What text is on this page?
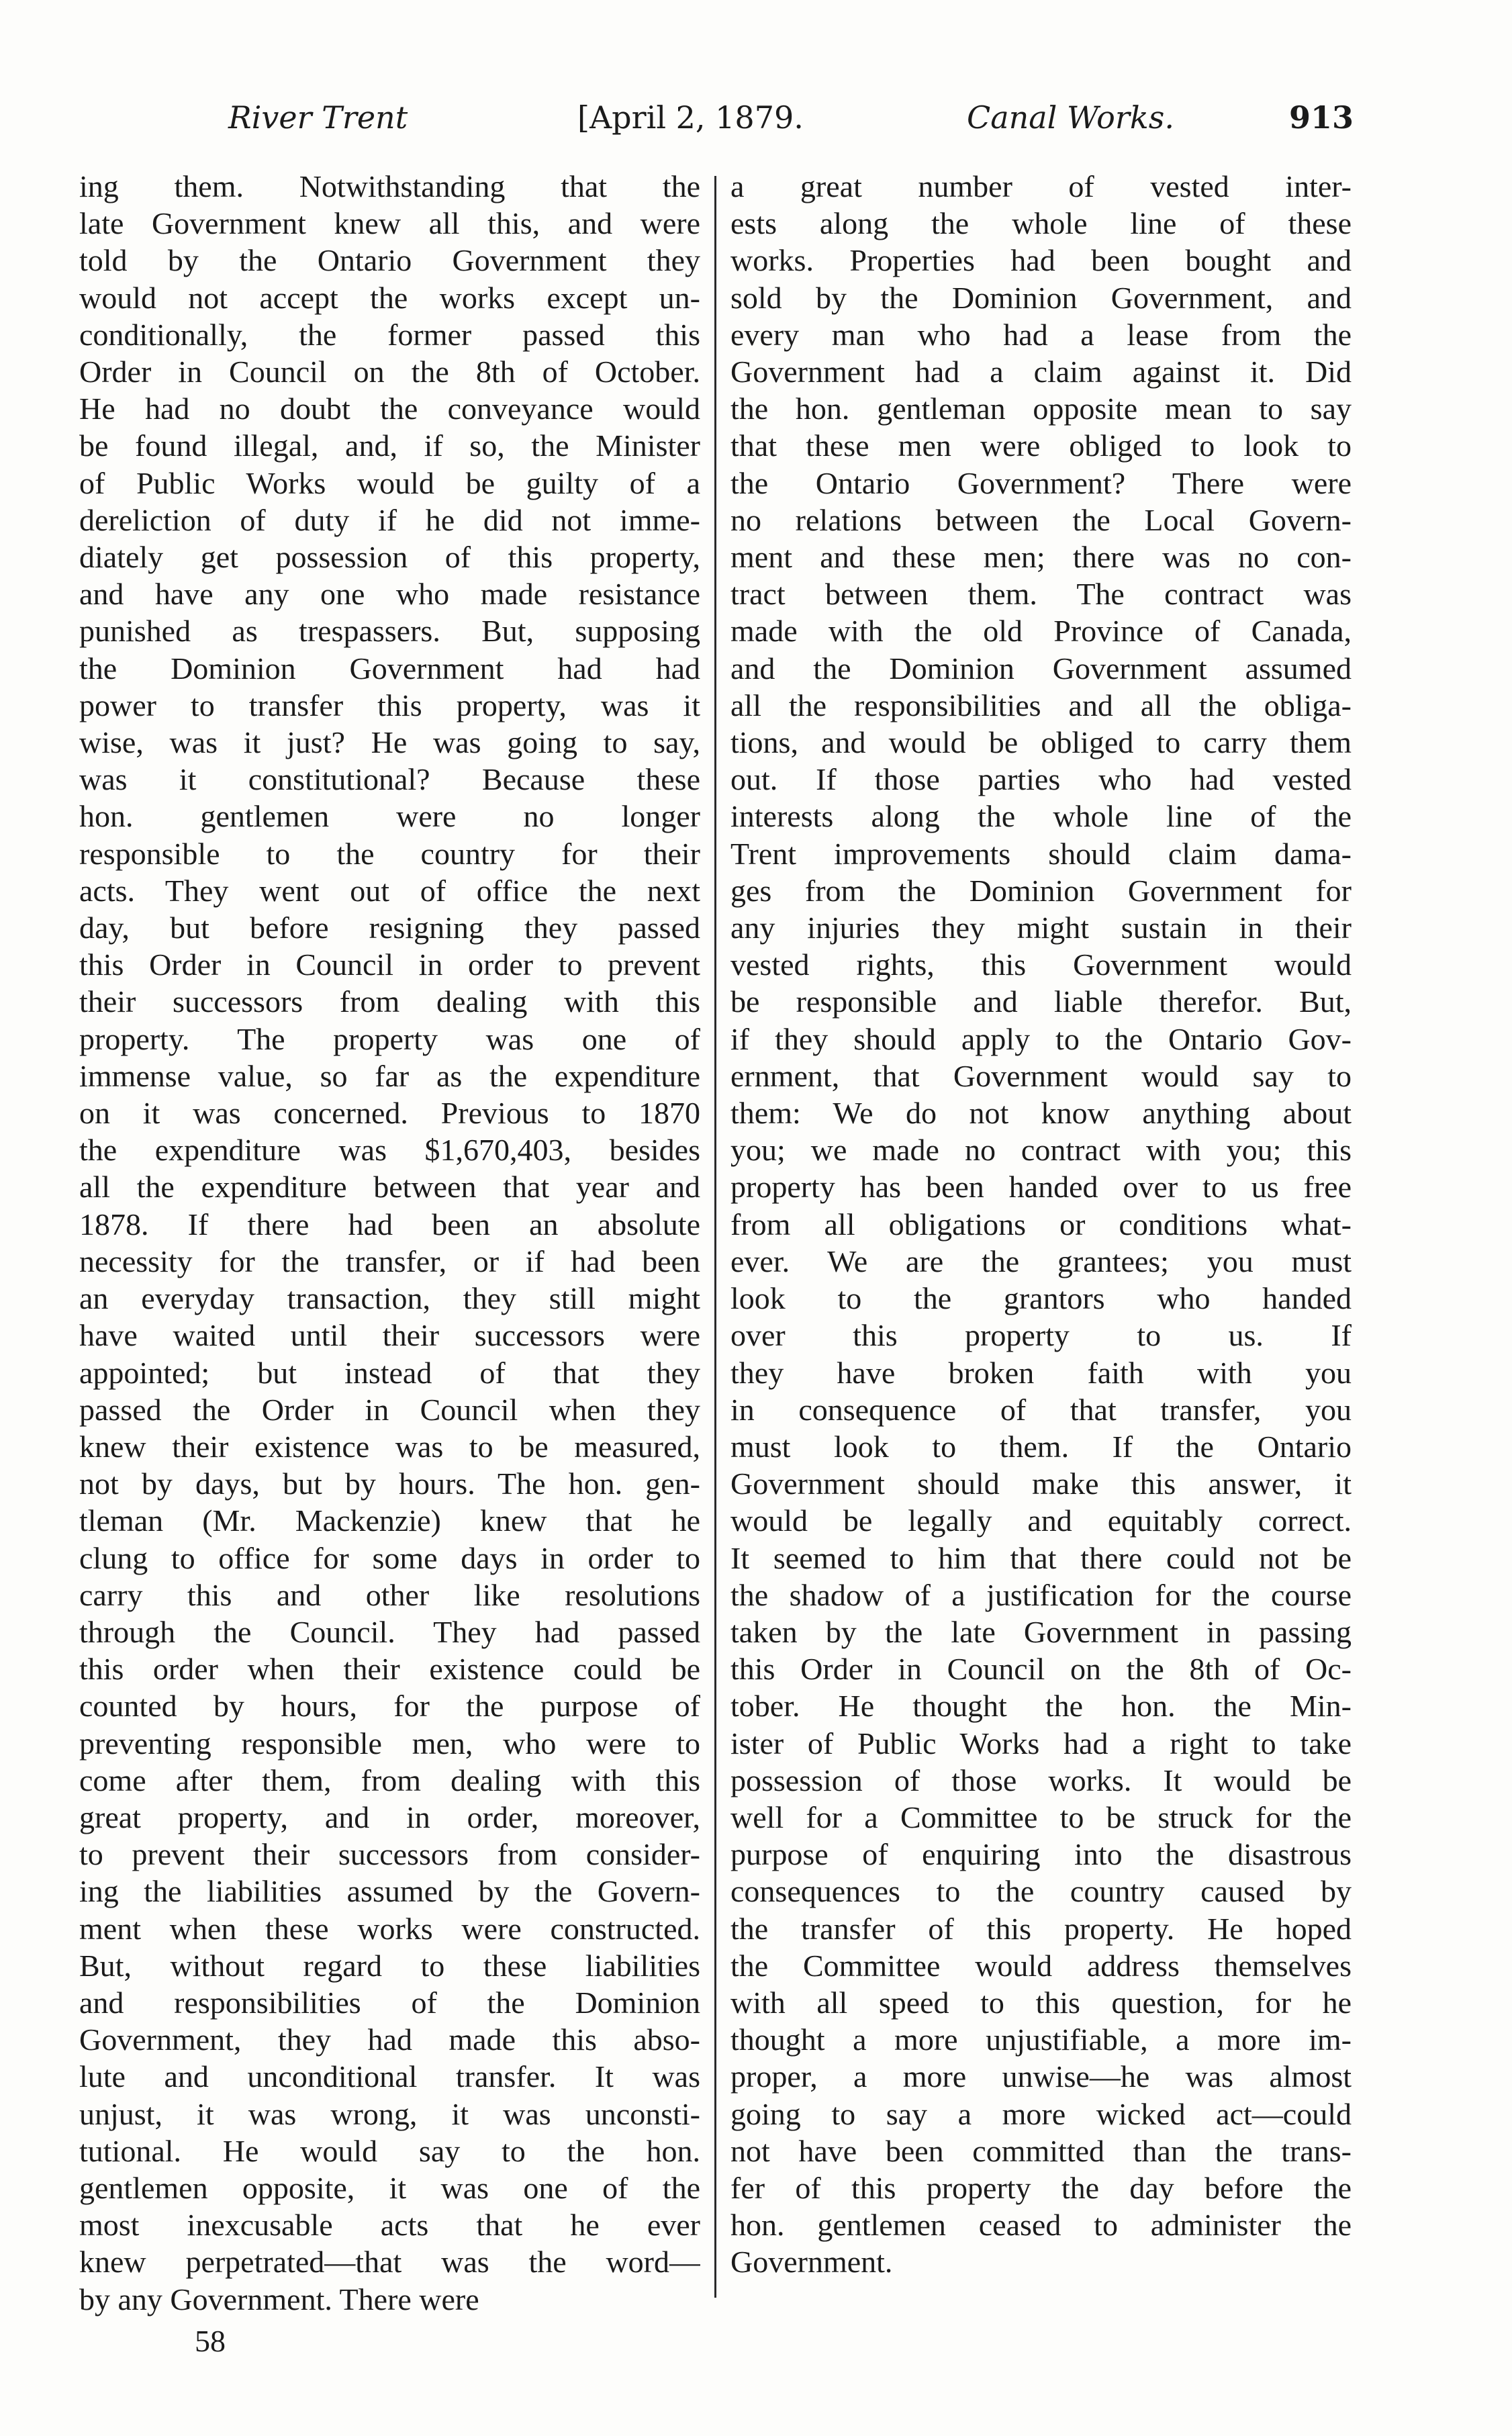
River Trent	[April 2, 1879.	Canal Works.	913
ing them. Notwithstanding that the
late Government knew all this, and were
told by the Ontario Government they
would not accept the works except un-
conditionally, the former passed this
Order in Council on the 8th of October.
He had no doubt the conveyance would
be found illegal, and, if so, the Minister
of Public Works would be guilty of a
dereliction of duty if he did not imme-
diately get possession of this property,
and have any one who made resistance
punished as trespassers. But, supposing
the Dominion Government had had
power to transfer this property, was it
wise, was it just? He was going to say,
was it constitutional? Because these
hon. gentlemen were no longer
responsible to the country for their
acts. They went out of office the next
day, but before resigning they passed
this Order in Council in order to prevent
their successors from dealing with this
property. The property was one of
immense value, so far as the expenditure
on it was concerned. Previous to 1870
the expenditure was $1,670,403, besides
all the expenditure between that year and
1878. If there had been an absolute
necessity for the transfer, or if had been
an everyday transaction, they still might
have waited until their successors were
appointed; but instead of that they
passed the Order in Council when they
knew their existence was to be measured,
not by days, but by hours. The hon. gen-
tleman (Mr. Mackenzie) knew that he
clung to office for some days in order to
carry this and other like resolutions
through the Council. They had passed
this order when their existence could be
counted by hours, for the purpose of
preventing responsible men, who were to
come after them, from dealing with this
great property, and in order, moreover,
to prevent their successors from consider-
ing the liabilities assumed by the Govern-
ment when these works were constructed.
But, without regard to these liabilities
and responsibilities of the Dominion
Government, they had made this abso-
lute and unconditional transfer. It was
unjust, it was wrong, it was unconsti-
tutional. He would say to the hon.
gentlemen opposite, it was one of the
most inexcusable acts that he ever
knew perpetrated—that was the word—
by any Government. There were
a great number of vested inter-
ests along the whole line of these
works. Properties had been bought and
sold by the Dominion Government, and
every man who had a lease from the
Government had a claim against it. Did
the hon. gentleman opposite mean to say
that these men were obliged to look to
the Ontario Government? There were
no relations between the Local Govern-
ment and these men; there was no con-
tract between them. The contract was
made with the old Province of Canada,
and the Dominion Government assumed
all the responsibilities and all the obliga-
tions, and would be obliged to carry them
out. If those parties who had vested
interests along the whole line of the
Trent improvements should claim dama-
ges from the Dominion Government for
any injuries they might sustain in their
vested rights, this Government would
be responsible and liable therefor. But,
if they should apply to the Ontario Gov-
ernment, that Government would say to
them: We do not know anything about
you; we made no contract with you; this
property has been handed over to us free
from all obligations or conditions what-
ever. We are the grantees; you must
look to the grantors who handed
over this property to us. If
they have broken faith with you
in consequence of that transfer, you
must look to them. If the Ontario
Government should make this answer, it
would be legally and equitably correct.
It seemed to him that there could not be
the shadow of a justification for the course
taken by the late Government in passing
this Order in Council on the 8th of Oc-
tober. He thought the hon. the Min-
ister of Public Works had a right to take
possession of those works. It would be
well for a Committee to be struck for the
purpose of enquiring into the disastrous
consequences to the country caused by
the transfer of this property. He hoped
the Committee would address themselves
with all speed to this question, for he
thought a more unjustifiable, a more im-
proper, a more unwise—he was almost
going to say a more wicked act—could
not have been committed than the trans-
fer of this property the day before the
hon. gentlemen ceased to administer the
Government.
58
